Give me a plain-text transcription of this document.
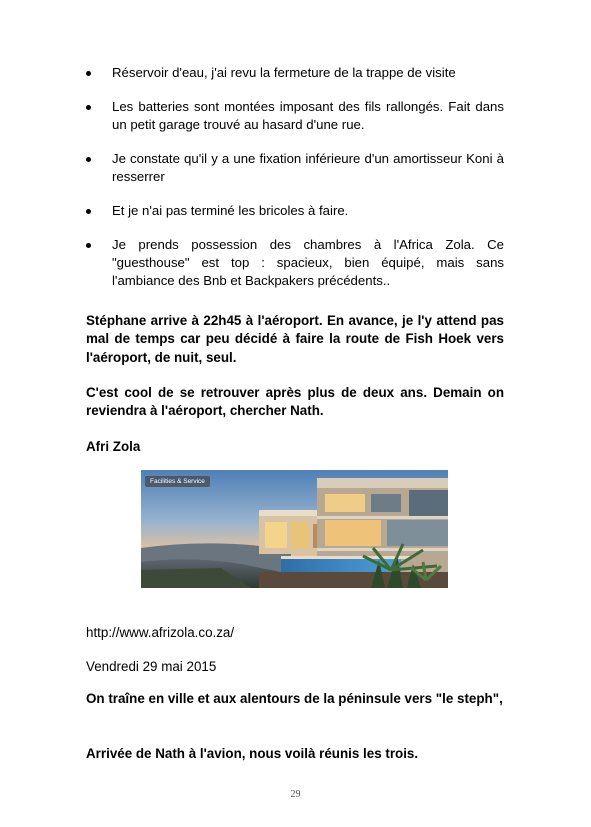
Réservoir d'eau, j'ai revu la fermeture de la trappe de visite
Les batteries sont montées imposant des fils rallongés. Fait dans un petit garage trouvé au hasard d'une rue.
Je constate qu'il y a une fixation inférieure d'un amortisseur Koni à resserrer
Et je n'ai pas terminé les bricoles à faire.
Je prends possession des chambres à l'Africa Zola. Ce "guesthouse" est top : spacieux, bien équipé, mais sans l'ambiance des Bnb et Backpakers précédents..

Stéphane arrive à 22h45 à l'aéroport. En avance, je l'y attend pas mal de temps car peu décidé à faire la route de Fish Hoek vers l'aéroport, de nuit, seul.

C'est cool de se retrouver après plus de deux ans. Demain on reviendra à l'aéroport, chercher Nath.

Afri Zola

Facilities & Service

http://www.afrizola.co.za/

Vendredi 29 mai 2015

On traîne en ville et aux alentours de la péninsule vers "le steph",

Arrivée de Nath à l'avion, nous voilà réunis les trois.

29
